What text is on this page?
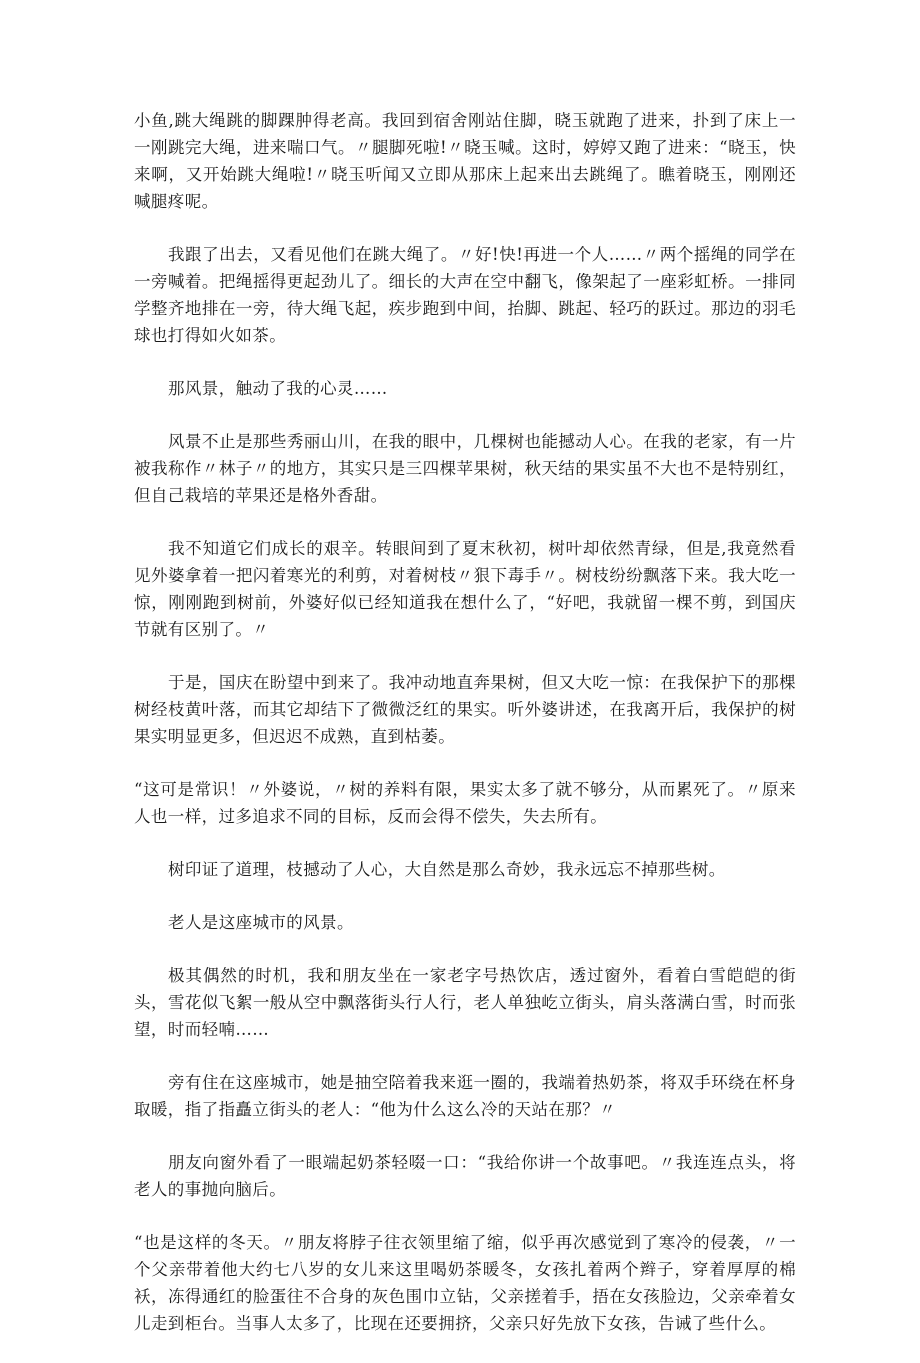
小鱼,跳大绳跳的脚踝肿得老高。我回到宿舍刚站住脚，晓玉就跑了进来，扑到了床上一一刚跳完大绳，进来喘口气。〃腿脚死啦!〃晓玉喊。这时，婷婷又跑了进来：“晓玉，快来啊，又开始跳大绳啦!〃晓玉听闻又立即从那床上起来出去跳绳了。瞧着晓玉，刚刚还喊腿疼呢。

我跟了出去，又看见他们在跳大绳了。〃好!快!再进一个人……〃两个摇绳的同学在一旁喊着。把绳摇得更起劲儿了。细长的大声在空中翻飞，像架起了一座彩虹桥。一排同学整齐地排在一旁，待大绳飞起，疾步跑到中间，抬脚、跳起、轻巧的跃过。那边的羽毛球也打得如火如茶。

那风景，触动了我的心灵……

风景不止是那些秀丽山川，在我的眼中，几棵树也能撼动人心。在我的老家，有一片被我称作〃林子〃的地方，其实只是三四棵苹果树，秋天结的果实虽不大也不是特别红，但自己栽培的苹果还是格外香甜。

我不知道它们成长的艰辛。转眼间到了夏末秋初，树叶却依然青绿，但是,我竟然看见外婆拿着一把闪着寒光的利剪，对着树枝〃狠下毒手〃。树枝纷纷飘落下来。我大吃一惊，刚刚跑到树前，外婆好似已经知道我在想什么了，“好吧，我就留一棵不剪，到国庆节就有区别了。〃

于是，国庆在盼望中到来了。我冲动地直奔果树，但又大吃一惊：在我保护下的那棵树经枝黄叶落，而其它却结下了微微泛红的果实。听外婆讲述，在我离开后，我保护的树果实明显更多，但迟迟不成熟，直到枯萎。

“这可是常识！〃外婆说，〃树的养料有限，果实太多了就不够分，从而累死了。〃原来人也一样，过多追求不同的目标，反而会得不偿失，失去所有。

树印证了道理，枝撼动了人心，大自然是那么奇妙，我永远忘不掉那些树。

老人是这座城市的风景。

极其偶然的时机，我和朋友坐在一家老字号热饮店，透过窗外，看着白雪皑皑的街头，雪花似飞絮一般从空中飘落街头行人行，老人单独屹立街头，肩头落满白雪，时而张望，时而轻喃……

旁有住在这座城市，她是抽空陪着我来逛一圈的，我端着热奶茶，将双手环绕在杯身取暖，指了指矗立街头的老人：“他为什么这么冷的天站在那？〃

朋友向窗外看了一眼端起奶茶轻啜一口：“我给你讲一个故事吧。〃我连连点头，将老人的事抛向脑后。

“也是这样的冬天。〃朋友将脖子往衣领里缩了缩，似乎再次感觉到了寒冷的侵袭，〃一个父亲带着他大约七八岁的女儿来这里喝奶茶暖冬，女孩扎着两个辫子，穿着厚厚的棉袄，冻得通红的脸蛋往不合身的灰色围巾立钻，父亲搓着手，捂在女孩脸边，父亲牵着女儿走到柜台。当事人太多了，比现在还要拥挤，父亲只好先放下女孩，告诫了些什么。
